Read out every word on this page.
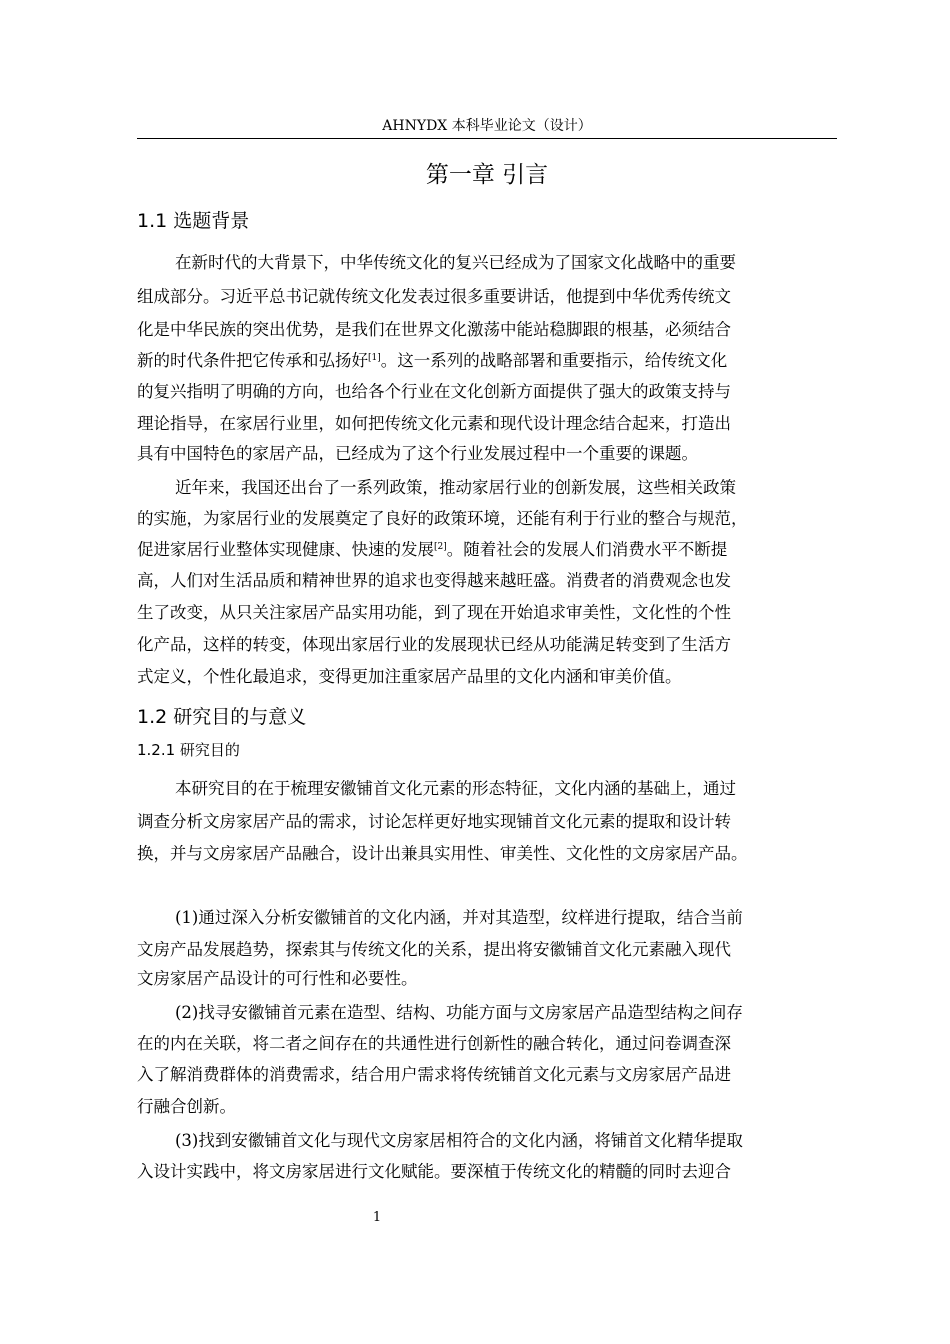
AHNYDX 本科毕业论文（设计）
第一章 引言
1.1 选题背景
在新时代的大背景下，中华传统文化的复兴已经成为了国家文化战略中的重要
组成部分。习近平总书记就传统文化发表过很多重要讲话，他提到中华优秀传统文
化是中华民族的突出优势，是我们在世界文化激荡中能站稳脚跟的根基，必须结合
新的时代条件把它传承和弘扬好[1]。这一系列的战略部署和重要指示，给传统文化
的复兴指明了明确的方向，也给各个行业在文化创新方面提供了强大的政策支持与
理论指导，在家居行业里，如何把传统文化元素和现代设计理念结合起来，打造出
具有中国特色的家居产品，已经成为了这个行业发展过程中一个重要的课题。
近年来，我国还出台了一系列政策，推动家居行业的创新发展，这些相关政策
的实施，为家居行业的发展奠定了良好的政策环境，还能有利于行业的整合与规范，
促进家居行业整体实现健康、快速的发展[2]。随着社会的发展人们消费水平不断提
高，人们对生活品质和精神世界的追求也变得越来越旺盛。消费者的消费观念也发
生了改变，从只关注家居产品实用功能，到了现在开始追求审美性，文化性的个性
化产品，这样的转变，体现出家居行业的发展现状已经从功能满足转变到了生活方
式定义，个性化最追求，变得更加注重家居产品里的文化内涵和审美价值。
1.2 研究目的与意义
1.2.1 研究目的
本研究目的在于梳理安徽铺首文化元素的形态特征，文化内涵的基础上，通过
调查分析文房家居产品的需求，讨论怎样更好地实现铺首文化元素的提取和设计转
换，并与文房家居产品融合，设计出兼具实用性、审美性、文化性的文房家居产品。
(1)通过深入分析安徽铺首的文化内涵，并对其造型，纹样进行提取，结合当前
文房产品发展趋势，探索其与传统文化的关系，提出将安徽铺首文化元素融入现代
文房家居产品设计的可行性和必要性。
(2)找寻安徽铺首元素在造型、结构、功能方面与文房家居产品造型结构之间存
在的内在关联，将二者之间存在的共通性进行创新性的融合转化，通过问卷调查深
入了解消费群体的消费需求，结合用户需求将传统铺首文化元素与文房家居产品进
行融合创新。
(3)找到安徽铺首文化与现代文房家居相符合的文化内涵，将铺首文化精华提取
入设计实践中，将文房家居进行文化赋能。要深植于传统文化的精髓的同时去迎合
1
